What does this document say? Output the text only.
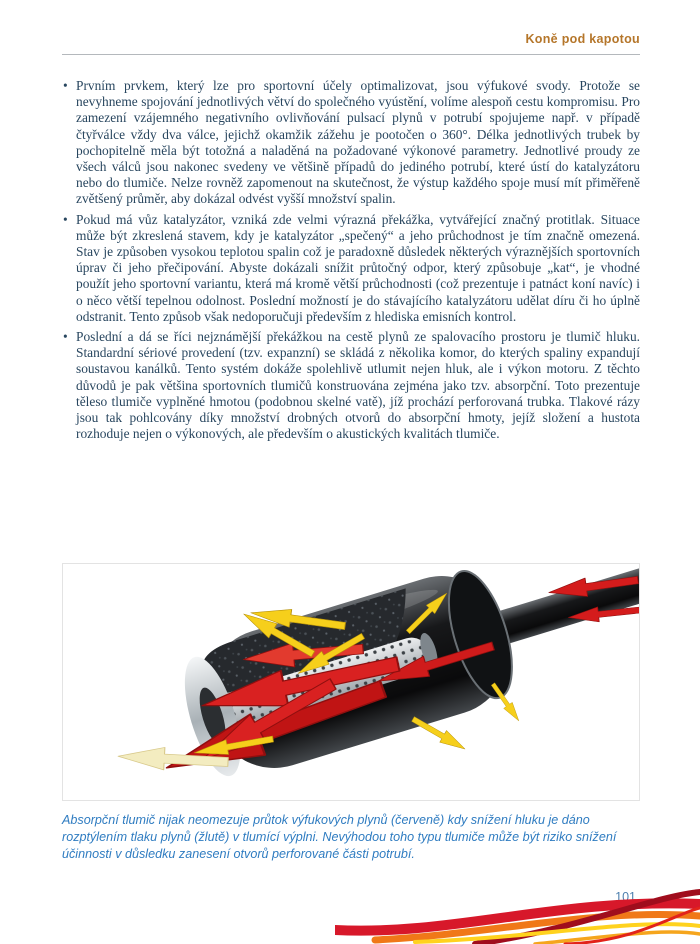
Koně pod kapotou
• Prvním prvkem, který lze pro sportovní účely optimalizovat, jsou výfukové svody. Protože se nevyhneme spojování jednotlivých větví do společného vyústění, volíme alespoň cestu kompromisu. Pro zamezení vzájemného negativního ovlivňování pulsací plynů v potrubí spojujeme např. v případě čtyřválce vždy dva válce, jejichž okamžik zážehu je pootočen o 360°. Délka jednotlivých trubek by pochopitelně měla být totožná a naladěná na požadované výkonové parametry. Jednotlivé proudy ze všech válců jsou nakonec svedeny ve většině případů do jediného potrubí, které ústí do katalyzátoru nebo do tlumiče. Nelze rovněž zapomenout na skutečnost, že výstup každého spoje musí mít přiměřeně zvětšený průměr, aby dokázal odvést vyšší množství spalin.
• Pokud má vůz katalyzátor, vzniká zde velmi výrazná překážka, vytvářející značný protitlak. Situace může být zkreslená stavem, kdy je katalyzátor „spečený“ a jeho průchodnost je tím značně omezená. Stav je způsoben vysokou teplotou spalin což je paradoxně důsledek některých výraznějších sportovních úprav či jeho přečipování. Abyste dokázali snížit průtočný odpor, který způsobuje „kat“, je vhodné použít jeho sportovní variantu, která má kromě větší průchodnosti (což prezentuje i patnáct koní navíc) i o něco větší tepelnou odolnost. Poslední možností je do stávajícího katalyzátoru udělat díru či ho úplně odstranit. Tento způsob však nedoporučuji především z hlediska emisních kontrol.
• Poslední a dá se říci nejznámější překážkou na cestě plynů ze spalovacího prostoru je tlumič hluku. Standardní sériové provedení (tzv. expanzní) se skládá z několika komor, do kterých spaliny expandují soustavou kanálků. Tento systém dokáže spolehlivě utlumit nejen hluk, ale i výkon motoru. Z těchto důvodů je pak většina sportovních tlumičů konstruována zejména jako tzv. absorpční. Toto prezentuje těleso tlumiče vyplněné hmotou (podobnou skelné vatě), jíž prochází perforovaná trubka. Tlakové rázy jsou tak pohlcovány díky množství drobných otvorů do absorpční hmoty, jejíž složení a hustota rozhoduje nejen o výkonových, ale především o akustických kvalitách tlumiče.

Absorpční tlumič nijak neomezuje průtok výfukových plynů (červeně) kdy snížení hluku je dáno rozptýlením tlaku plynů (žlutě) v tlumící výplni. Nevýhodou toho typu tlumiče může být riziko snížení účinnosti v důsledku zanesení otvorů perforované části potrubí.

101
